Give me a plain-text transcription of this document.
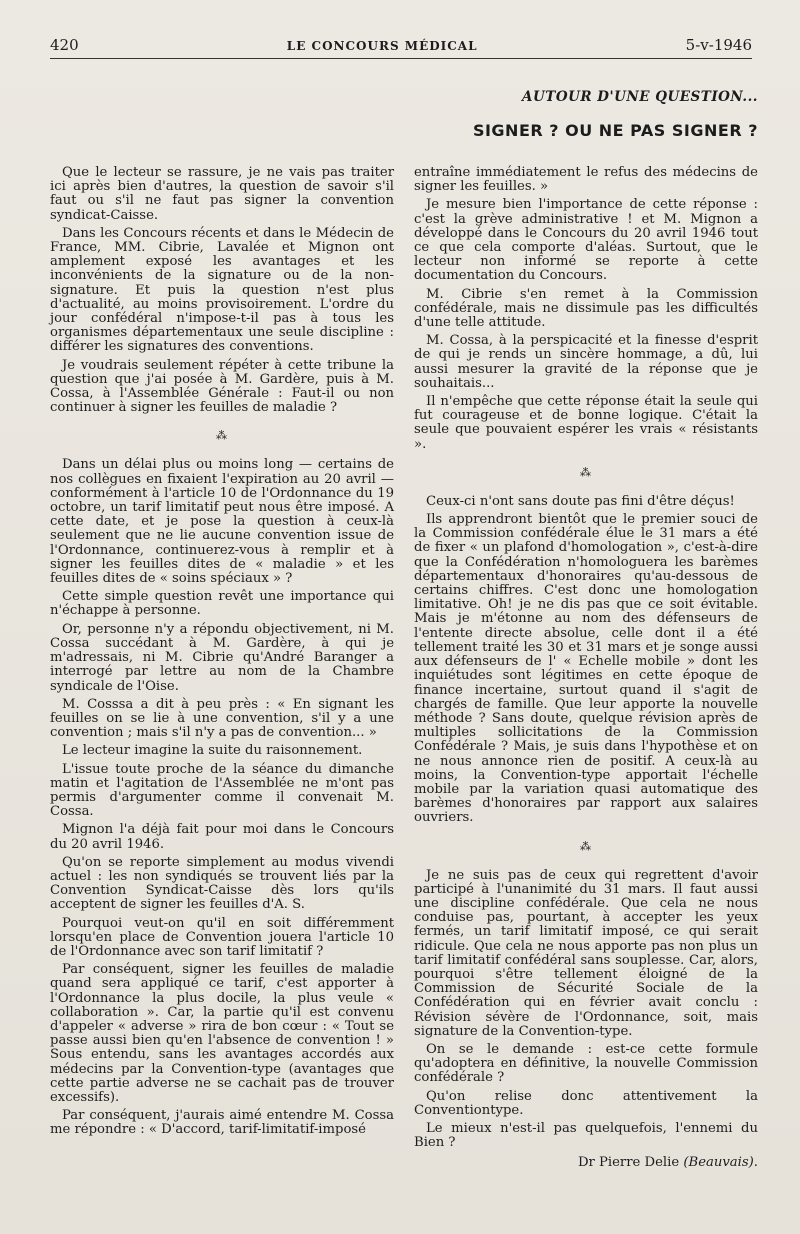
420	LE CONCOURS MÉDICAL	5-v-1946
AUTOUR D'UNE QUESTION...
SIGNER ? OU NE PAS SIGNER ?

Que le lecteur se rassure, je ne vais pas traiter ici après bien d'autres, la question de savoir s'il faut ou s'il ne faut pas signer la convention syndicat-Caisse.

Dans les Concours récents et dans le Médecin de France, MM. Cibrie, Lavalée et Mignon ont amplement exposé les avantages et les inconvénients de la signature ou de la non-signature. Et puis la question n'est plus d'actualité, au moins provisoirement. L'ordre du jour confédéral n'impose-t-il pas à tous les organismes départementaux une seule discipline : différer les signatures des conventions.

Je voudrais seulement répéter à cette tribune la question que j'ai posée à M. Gardère, puis à M. Cossa, à l'Assemblée Générale : Faut-il ou non continuer à signer les feuilles de maladie ?

⁂

Dans un délai plus ou moins long — certains de nos collègues en fixaient l'expiration au 20 avril — conformément à l'article 10 de l'Ordonnance du 19 octobre, un tarif limitatif peut nous être imposé. A cette date, et je pose la question à ceux-là seulement que ne lie aucune convention issue de l'Ordonnance, continuerez-vous à remplir et à signer les feuilles dites de « maladie » et les feuilles dites de « soins spéciaux » ?

Cette simple question revêt une importance qui n'échappe à personne.

Or, personne n'y a répondu objectivement, ni M. Cossa succédant à M. Gardère, à qui je m'adressais, ni M. Cibrie qu'André Baranger a interrogé par lettre au nom de la Chambre syndicale de l'Oise.

M. Cosssa a dit à peu près : « En signant les feuilles on se lie à une convention, s'il y a une convention ; mais s'il n'y a pas de convention... »

Le lecteur imagine la suite du raisonnement.

L'issue toute proche de la séance du dimanche matin et l'agitation de l'Assemblée ne m'ont pas permis d'argumenter comme il convenait M. Cossa.

Mignon l'a déjà fait pour moi dans le Concours du 20 avril 1946.

Qu'on se reporte simplement au modus vivendi actuel : les non syndiqués se trouvent liés par la Convention Syndicat-Caisse dès lors qu'ils acceptent de signer les feuilles d'A. S.

Pourquoi veut-on qu'il en soit différemment lorsqu'en place de Convention jouera l'article 10 de l'Ordonnance avec son tarif limitatif ?

Par conséquent, signer les feuilles de maladie quand sera appliqué ce tarif, c'est apporter à l'Ordonnance la plus docile, la plus veule « collaboration ». Car, la partie qu'il est convenu d'appeler « adverse » rira de bon cœur : « Tout se passe aussi bien qu'en l'absence de convention ! » Sous entendu, sans les avantages accordés aux médecins par la Convention-type (avantages que cette partie adverse ne se cachait pas de trouver excessifs).

Par conséquent, j'aurais aimé entendre M. Cossa me répondre : « D'accord, tarif-limitatif-imposé

entraîne immédiatement le refus des médecins de signer les feuilles. »

Je mesure bien l'importance de cette réponse : c'est la grève administrative ! et M. Mignon a développé dans le Concours du 20 avril 1946 tout ce que cela comporte d'aléas. Surtout, que le lecteur non informé se reporte à cette documentation du Concours.

M. Cibrie s'en remet à la Commission confédérale, mais ne dissimule pas les difficultés d'une telle attitude.

M. Cossa, à la perspicacité et la finesse d'esprit de qui je rends un sincère hommage, a dû, lui aussi mesurer la gravité de la réponse que je souhaitais...

Il n'empêche que cette réponse était la seule qui fut courageuse et de bonne logique. C'était la seule que pouvaient espérer les vrais « résistants ».

⁂

Ceux-ci n'ont sans doute pas fini d'être déçus!

Ils apprendront bientôt que le premier souci de la Commission confédérale élue le 31 mars a été de fixer « un plafond d'homologation », c'est-à-dire que la Confédération n'homologuera les barèmes départementaux d'honoraires qu'au-dessous de certains chiffres. C'est donc une homologation limitative. Oh! je ne dis pas que ce soit évitable. Mais je m'étonne au nom des défenseurs de l'entente directe absolue, celle dont il a été tellement traité les 30 et 31 mars et je songe aussi aux défenseurs de l' « Echelle mobile » dont les inquiétudes sont légitimes en cette époque de finance incertaine, surtout quand il s'agit de chargés de famille. Que leur apporte la nouvelle méthode ? Sans doute, quelque révision après de multiples sollicitations de la Commission Confédérale ? Mais, je suis dans l'hypothèse et on ne nous annonce rien de positif. A ceux-là au moins, la Convention-type apportait l'échelle mobile par la variation quasi automatique des barèmes d'honoraires par rapport aux salaires ouvriers.

⁂

Je ne suis pas de ceux qui regrettent d'avoir participé à l'unanimité du 31 mars. Il faut aussi une discipline confédérale. Que cela ne nous conduise pas, pourtant, à accepter les yeux fermés, un tarif limitatif imposé, ce qui serait ridicule. Que cela ne nous apporte pas non plus un tarif limitatif confédéral sans souplesse. Car, alors, pourquoi s'être tellement éloigné de la Commission de Sécurité Sociale de la Confédération qui en février avait conclu : Révision sévère de l'Ordonnance, soit, mais signature de la Convention-type.

On se le demande : est-ce cette formule qu'adoptera en définitive, la nouvelle Commission confédérale ?

Qu'on relise donc attentivement la Conventiontype.

Le mieux n'est-il pas quelquefois, l'ennemi du Bien ?

Dr Pierre Delie (Beauvais).
